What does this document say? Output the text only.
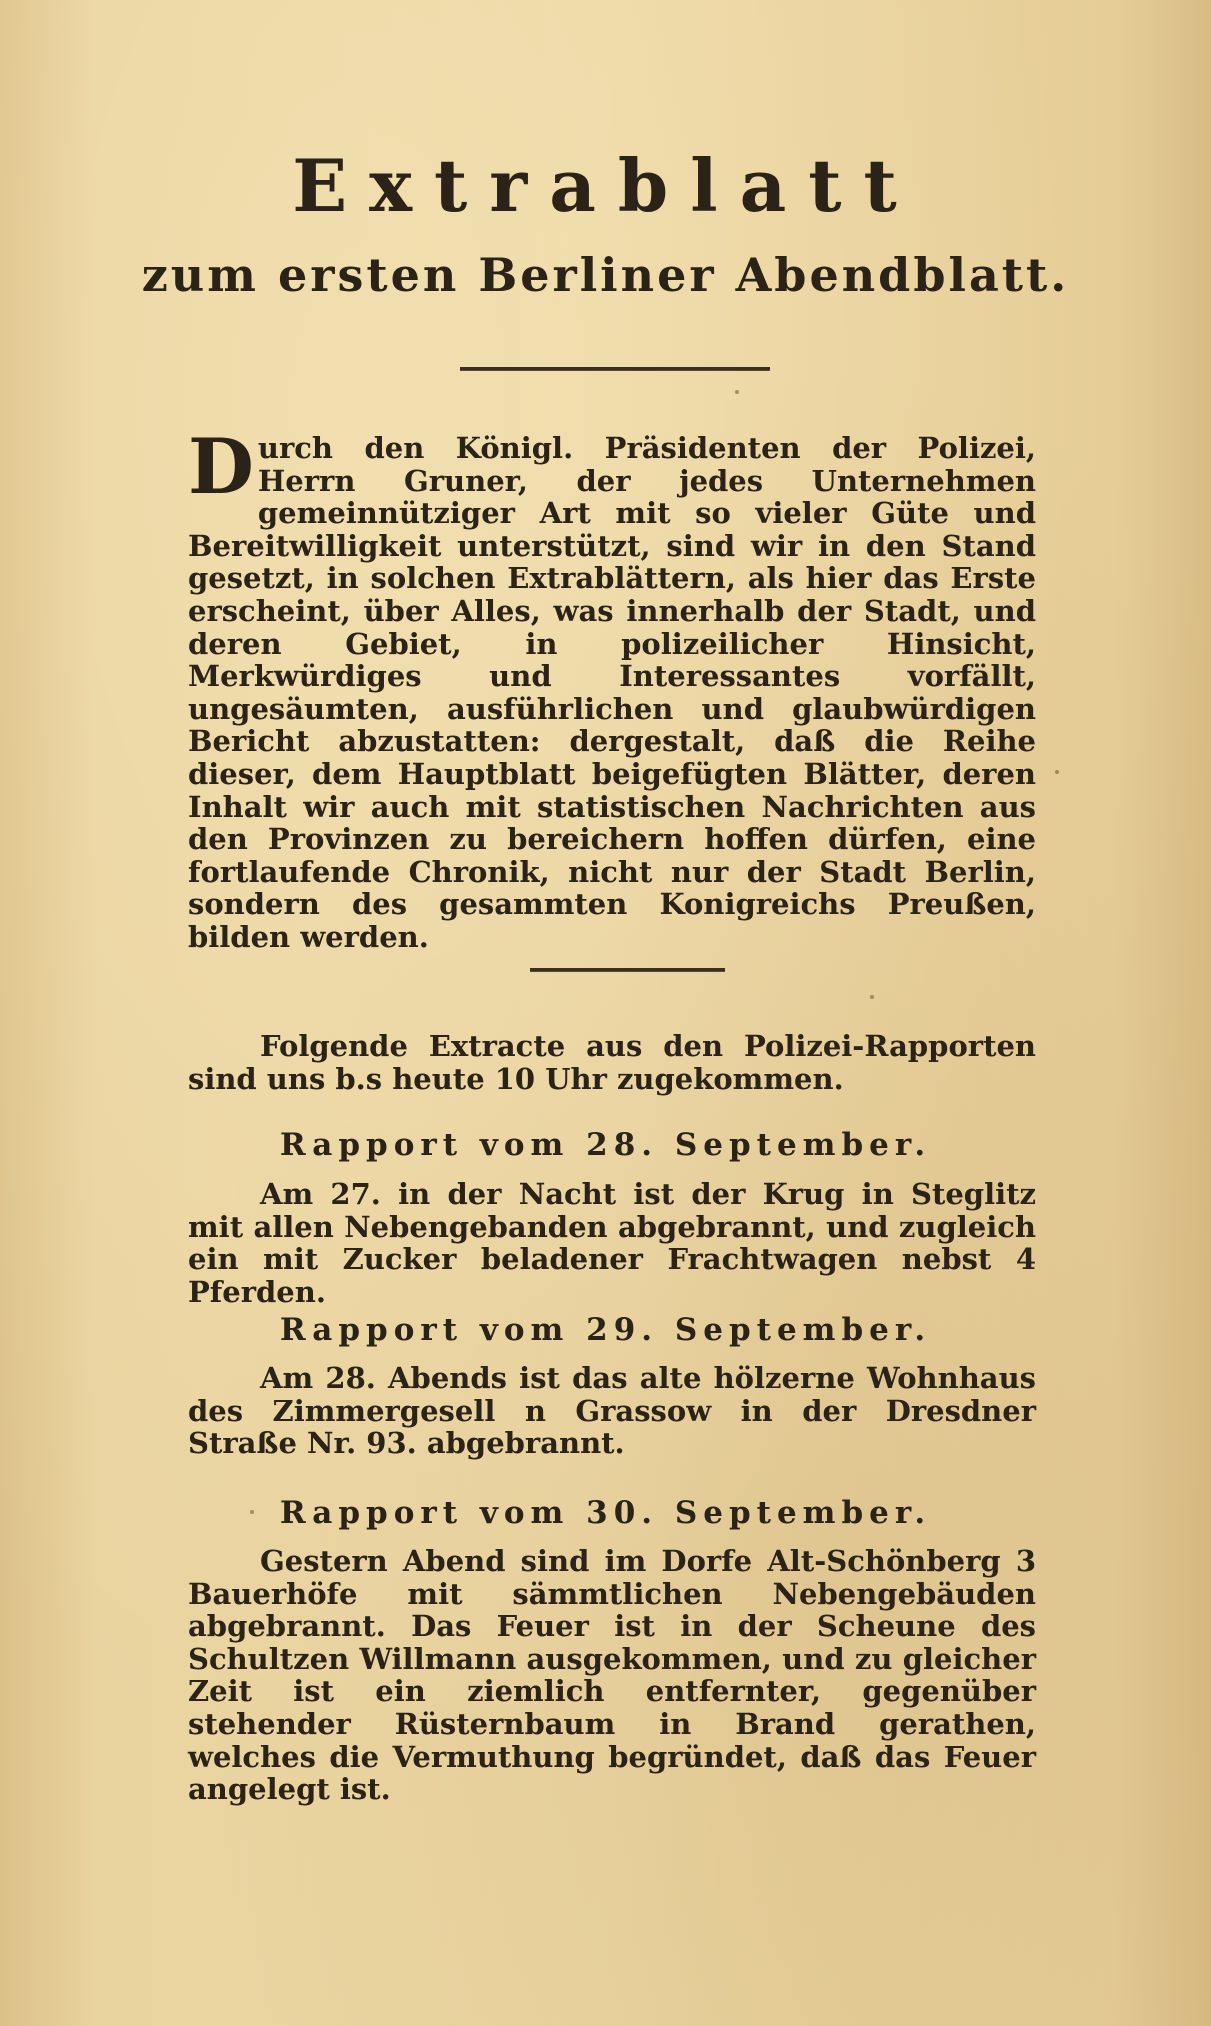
Extrablatt
zum ersten Berliner Abendblatt.
Durch den Königl. Präsidenten der Polizei, Herrn Gruner, der jedes Unternehmen gemeinnütziger Art mit so vieler Güte und Bereitwilligkeit unterstützt, sind wir in den Stand gesetzt, in solchen Extrablättern, als hier das Erste erscheint, über Alles, was innerhalb der Stadt, und deren Gebiet, in polizeilicher Hinsicht, Merkwürdiges und Interessantes vorfällt, ungesäumten, ausführlichen und glaubwürdigen Bericht abzustatten: dergestalt, daß die Reihe dieser, dem Hauptblatt beigefügten Blätter, deren Inhalt wir auch mit statistischen Nachrichten aus den Provinzen zu bereichern hoffen dürfen, eine fortlaufende Chronik, nicht nur der Stadt Berlin, sondern des gesammten Konigreichs Preußen, bilden werden.
Folgende Extracte aus den Polizei-Rapporten sind uns b.s heute 10 Uhr zugekommen.
Rapport vom 28. September.
Am 27. in der Nacht ist der Krug in Steglitz mit allen Nebengebanden abgebrannt, und zugleich ein mit Zucker beladener Frachtwagen nebst 4 Pferden.
Rapport vom 29. September.
Am 28. Abends ist das alte hölzerne Wohnhaus des Zimmergesell n Grassow in der Dresdner Straße Nr. 93. abgebrannt.
Rapport vom 30. September.
Gestern Abend sind im Dorfe Alt-Schönberg 3 Bauerhöfe mit sämmtlichen Nebengebäuden abgebrannt. Das Feuer ist in der Scheune des Schultzen Willmann ausgekommen, und zu gleicher Zeit ist ein ziemlich entfernter, gegenüber stehender Rüsternbaum in Brand gerathen, welches die Vermuthung begründet, daß das Feuer angelegt ist.
